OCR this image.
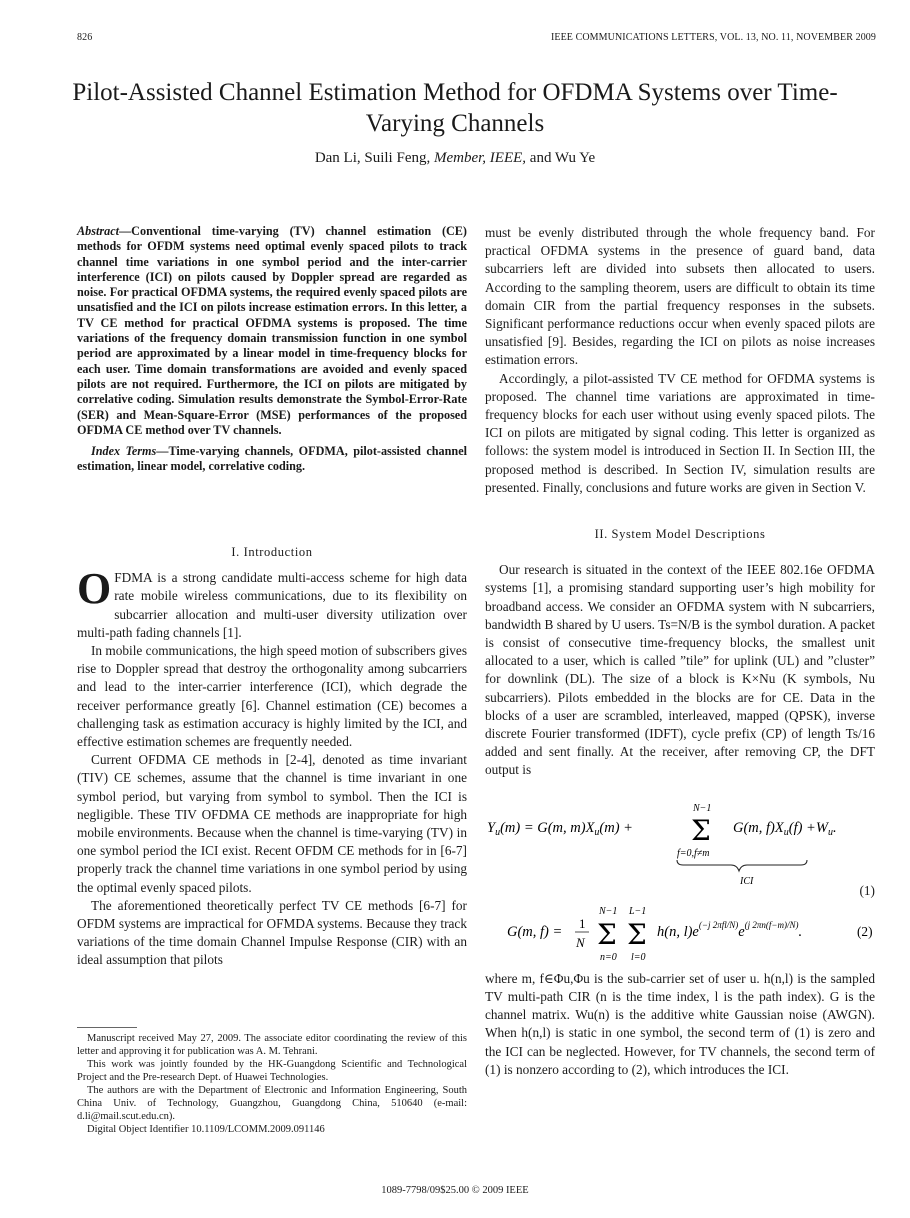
826	IEEE COMMUNICATIONS LETTERS, VOL. 13, NO. 11, NOVEMBER 2009
Pilot-Assisted Channel Estimation Method for OFDMA Systems over Time-Varying Channels
Dan Li, Suili Feng, Member, IEEE, and Wu Ye
Abstract—Conventional time-varying (TV) channel estimation (CE) methods for OFDM systems need optimal evenly spaced pilots to track channel time variations in one symbol period and the inter-carrier interference (ICI) on pilots caused by Doppler spread are regarded as noise. For practical OFDMA systems, the required evenly spaced pilots are unsatisfied and the ICI on pilots increase estimation errors. In this letter, a TV CE method for practical OFDMA systems is proposed. The time variations of the frequency domain transmission function in one symbol period are approximated by a linear model in time-frequency blocks for each user. Time domain transformations are avoided and evenly spaced pilots are not required. Furthermore, the ICI on pilots are mitigated by correlative coding. Simulation results demonstrate the Symbol-Error-Rate (SER) and Mean-Square-Error (MSE) performances of the proposed OFDMA CE method over TV channels.
Index Terms—Time-varying channels, OFDMA, pilot-assisted channel estimation, linear model, correlative coding.
I. Introduction

OFDMA is a strong candidate multi-access scheme for high data rate mobile wireless communications, due to its flexibility on subcarrier allocation and multi-user diversity utilization over multi-path fading channels [1].

In mobile communications, the high speed motion of subscribers gives rise to Doppler spread that destroy the orthogonality among subcarriers and lead to the inter-carrier interference (ICI), which degrade the receiver performance greatly [6]. Channel estimation (CE) becomes a challenging task as estimation accuracy is highly limited by the ICI, and effective estimation schemes are frequently needed.

Current OFDMA CE methods in [2-4], denoted as time invariant (TIV) CE schemes, assume that the channel is time invariant in one symbol period, but varying from symbol to symbol. Then the ICI is negligible. These TIV OFDMA CE methods are inappropriate for high mobile environments. Because when the channel is time-varying (TV) in one symbol period the ICI exist. Recent OFDM CE methods for in [6-7] properly track the channel time variations in one symbol period by using the optimal evenly spaced pilots.

The aforementioned theoretically perfect TV CE methods [6-7] for OFDM systems are impractical for OFMDA systems. Because they track variations of the time domain Channel Impulse Response (CIR) with an ideal assumption that pilots

Manuscript received May 27, 2009. The associate editor coordinating the review of this letter and approving it for publication was A. M. Tehrani.

This work was jointly founded by the HK-Guangdong Scientific and Technological Project and the Pre-research Dept. of Huawei Technologies.

The authors are with the Department of Electronic and Information Engineering, South China Univ. of Technology, Guangzhou, Guangdong China, 510640 (e-mail: d.li@mail.scut.edu.cn).

Digital Object Identifier 10.1109/LCOMM.2009.091146

must be evenly distributed through the whole frequency band. For practical OFDMA systems in the presence of guard band, data subcarriers left are divided into subsets then allocated to users. According to the sampling theorem, users are difficult to obtain its time domain CIR from the partial frequency responses in the subsets. Significant performance reductions occur when evenly spaced pilots are unsatisfied [9]. Besides, regarding the ICI on pilots as noise increases estimation errors.

Accordingly, a pilot-assisted TV CE method for OFDMA systems is proposed. The channel time variations are approximated in time-frequency blocks for each user without using evenly spaced pilots. The ICI on pilots are mitigated by signal coding. This letter is organized as follows: the system model is introduced in Section II. In Section III, the proposed method is described. In Section IV, simulation results are presented. Finally, conclusions and future works are given in Section V.

II. System Model Descriptions

Our research is situated in the context of the IEEE 802.16e OFDMA systems [1], a promising standard supporting user’s high mobility for broadband access. We consider an OFDMA system with N subcarriers, bandwidth B shared by U users. Ts=N/B is the symbol duration. A packet is consist of consecutive time-frequency blocks, the smallest unit allocated to a user, which is called ”tile” for uplink (UL) and ”cluster” for downlink (DL). The size of a block is K×Nu (K symbols, Nu subcarriers). Pilots embedded in the blocks are for CE. Data in the blocks of a user are scrambled, interleaved, mapped (QPSK), inverse discrete Fourier transformed (IDFT), cycle prefix (CP) of length Ts/16 added and sent finally. At the receiver, after removing CP, the DFT output is

$Y_u(m) = G(m$, $m)X_u(m)$ +
N−1
Σ
f=0,f≠m
G(m, $f)X_u(f) +W_u$.
ICI
(1)
G(m, f) =
1
N
N−1
Σ
n=0
L−1
Σ
l=0
h(n, $l)e^{(-j 2\pi fl/N)}e^{(j 2\pi n(f-m)/N)}$.	(2)

where m, f∈Φu,Φu is the sub-carrier set of user u. h(n,l) is the sampled TV multi-path CIR (n is the time index, l is the path index). G is the channel matrix. Wu(n) is the additive white Gaussian noise (AWGN). When h(n,l) is static in one symbol, the second term of (1) is zero and the ICI can be neglected. However, for TV channels, the second term of (1) is nonzero according to (2), which introduces the ICI.

1089-7798/09$25.00 © 2009 IEEE
